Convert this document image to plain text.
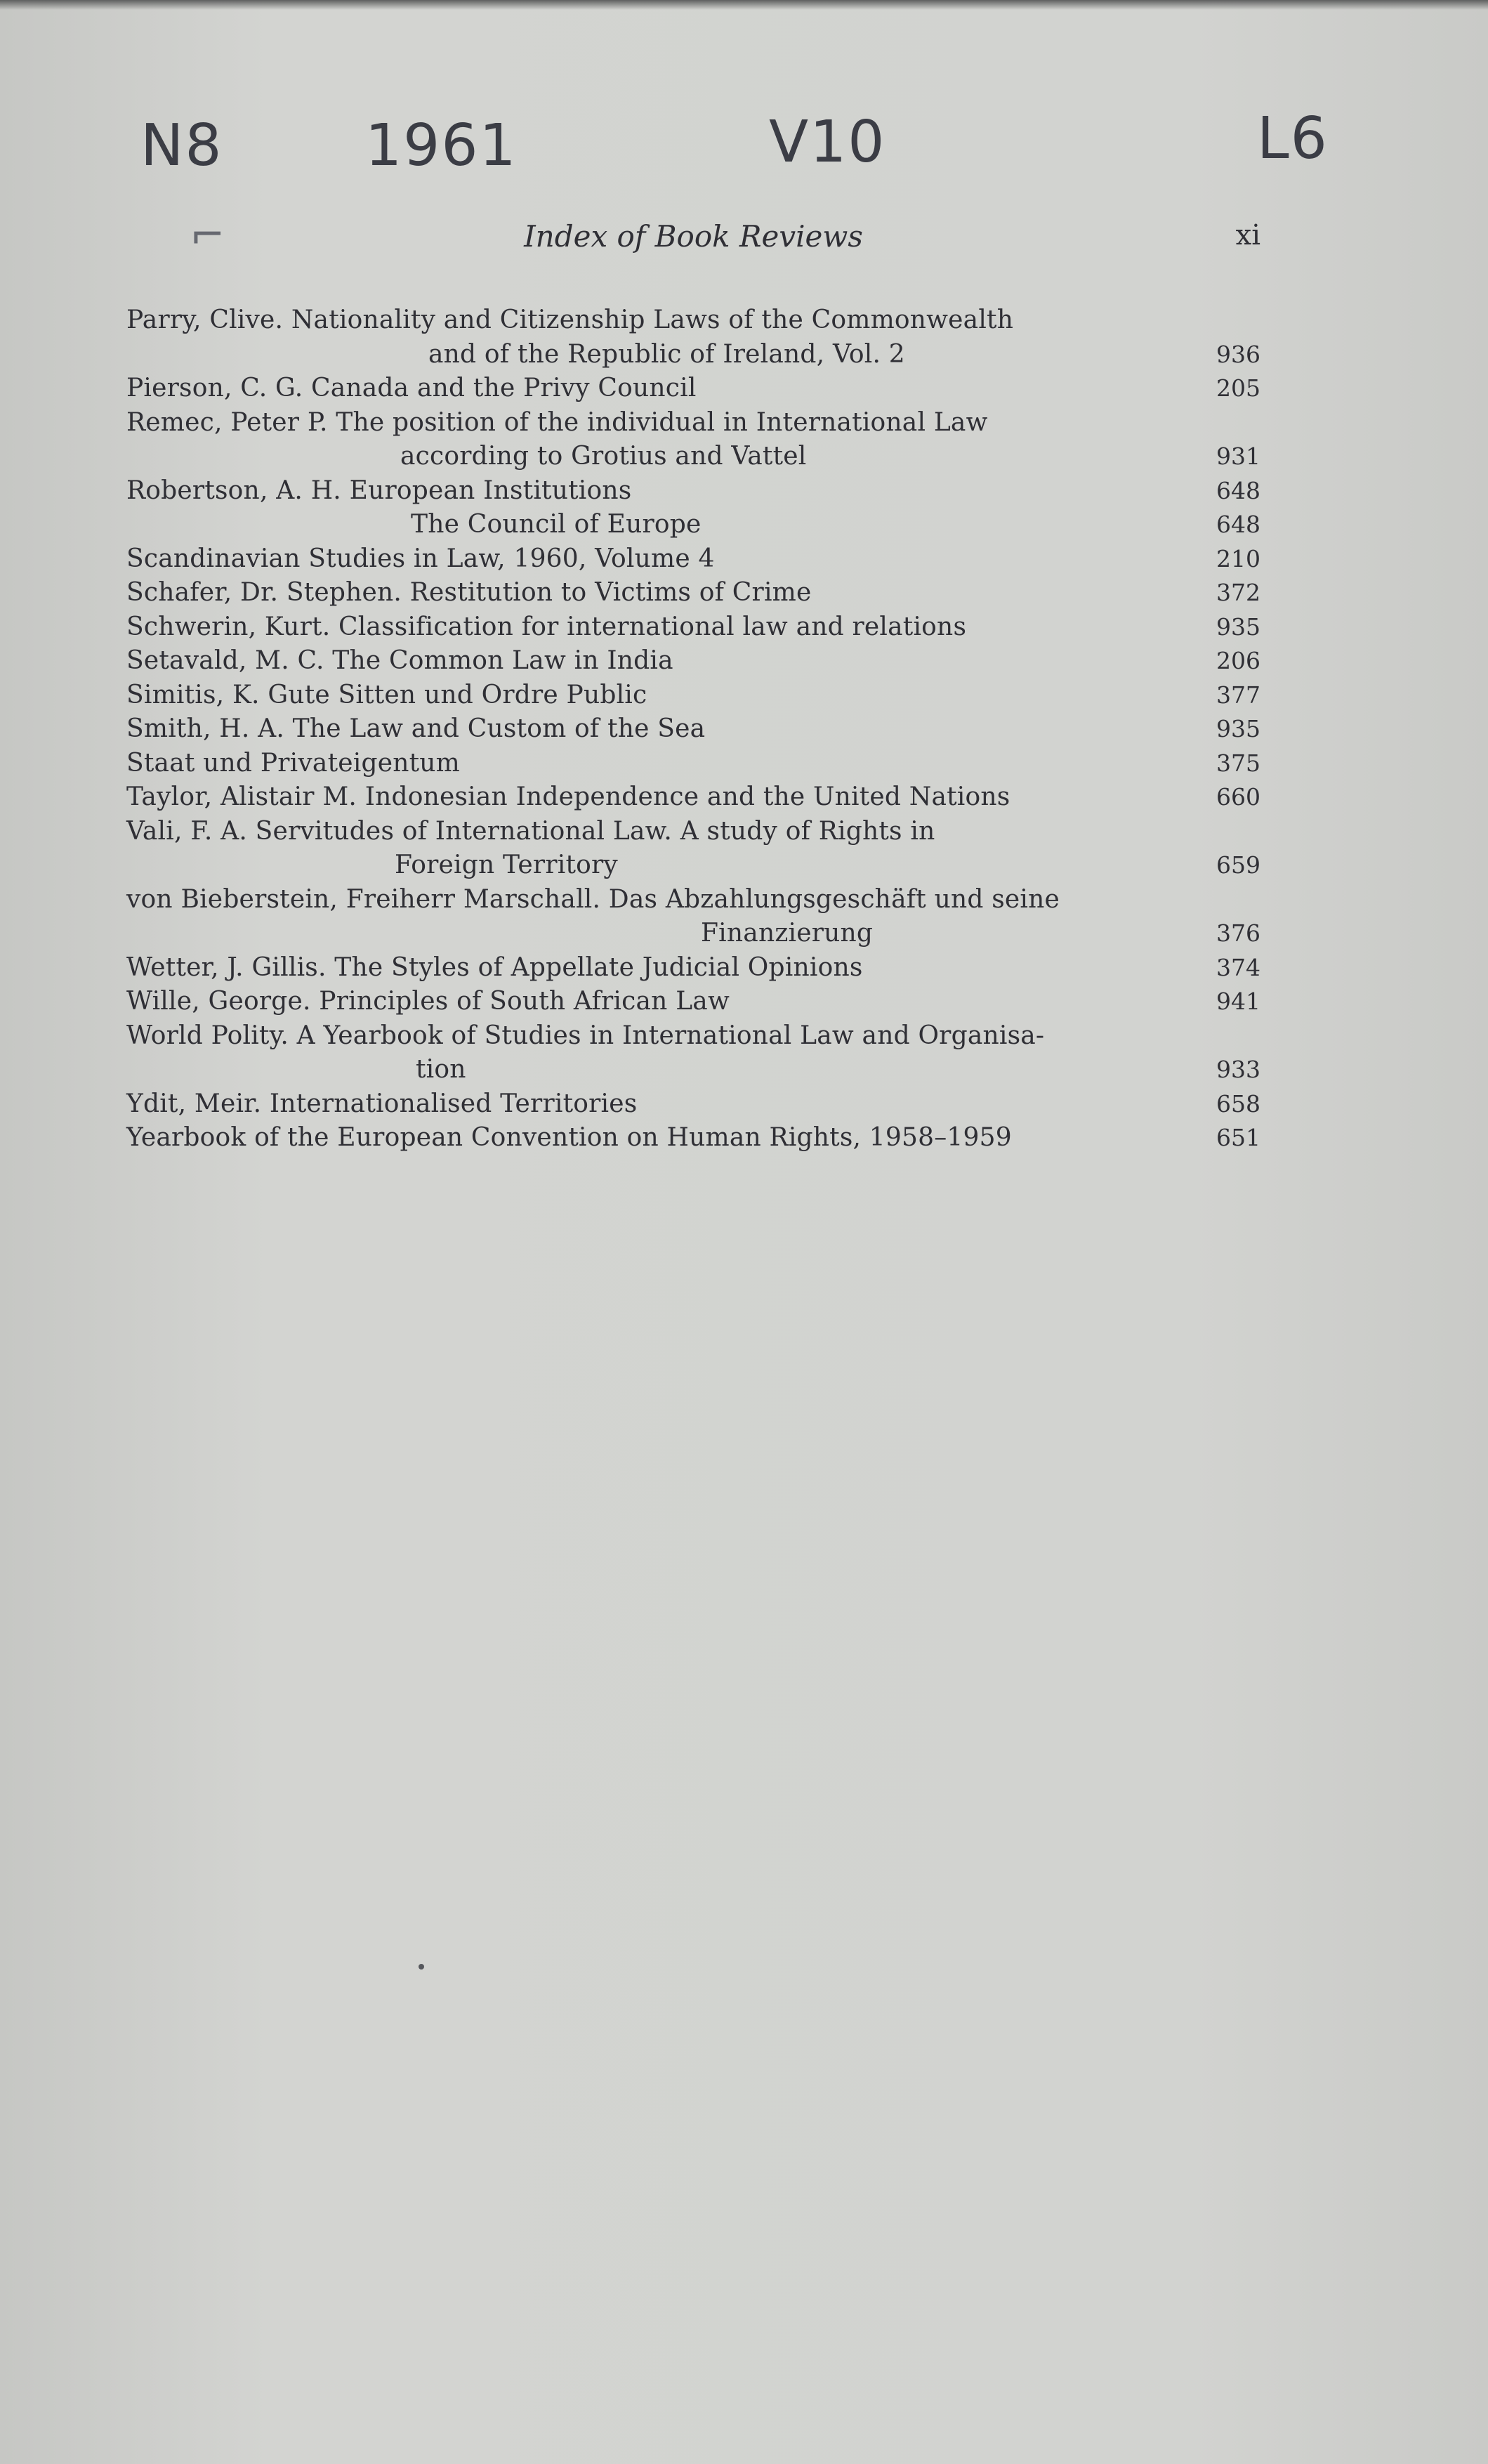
N8 1961	V10	L6
⌐	Index of Book Reviews	xi
Parry, Clive. Nationality and Citizenship Laws of the Commonwealth
and of the Republic of Ireland, Vol. 2	936
Pierson, C. G. Canada and the Privy Council	205
Remec, Peter P. The position of the individual in International Law
according to Grotius and Vattel	931
Robertson, A. H. European Institutions	648
The Council of Europe	648
Scandinavian Studies in Law, 1960, Volume 4	210
Schafer, Dr. Stephen. Restitution to Victims of Crime	372
Schwerin, Kurt. Classification for international law and relations	935
Setavald, M. C. The Common Law in India	206
Simitis, K. Gute Sitten und Ordre Public	377
Smith, H. A. The Law and Custom of the Sea	935
Staat und Privateigentum	375
Taylor, Alistair M. Indonesian Independence and the United Nations	660
Vali, F. A. Servitudes of International Law. A study of Rights in
Foreign Territory	659
von Bieberstein, Freiherr Marschall. Das Abzahlungsgeschäft und seine
Finanzierung	376
Wetter, J. Gillis. The Styles of Appellate Judicial Opinions	374
Wille, George. Principles of South African Law	941
World Polity. A Yearbook of Studies in International Law and Organisa-
tion	933
Ydit, Meir. Internationalised Territories	658
Yearbook of the European Convention on Human Rights, 1958–1959	651
